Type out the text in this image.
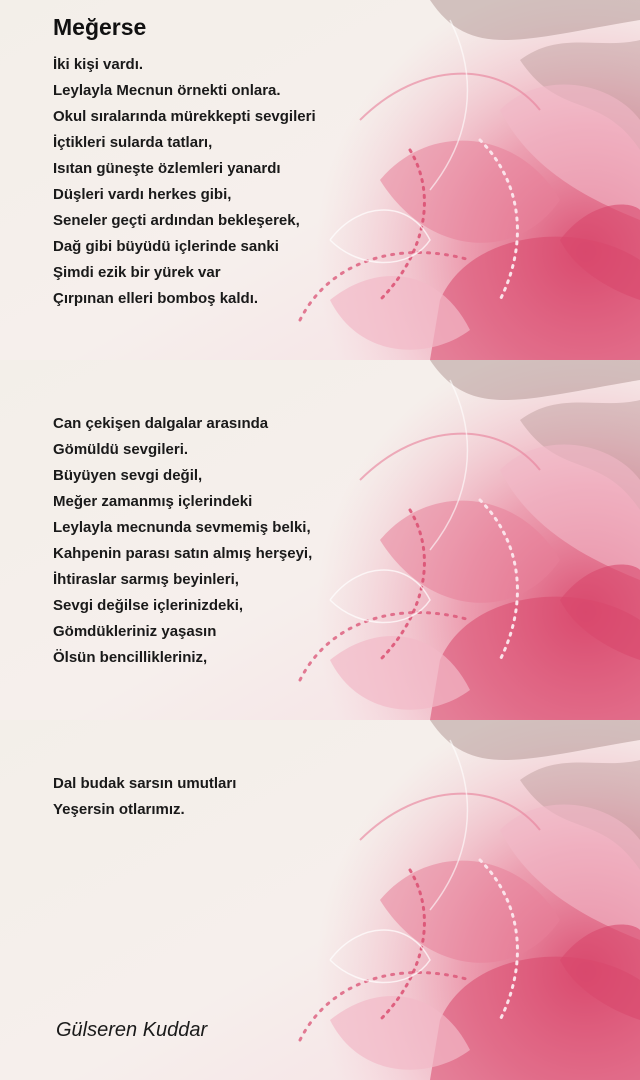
Meğerse
İki kişi vardı.
Leylayla Mecnun örnekti onlara.
Okul sıralarında mürekkepti sevgileri
İçtikleri sularda tatları,
Isıtan güneşte özlemleri yanardı
Düşleri vardı herkes gibi,
Seneler geçti ardından bekleşerek,
Dağ gibi büyüdü içlerinde sanki
Şimdi ezik bir yürek var
Çırpınan elleri bomboş kaldı.
Can çekişen dalgalar arasında
Gömüldü sevgileri.
Büyüyen sevgi değil,
Meğer zamanmış içlerindeki
Leylayla mecnunda sevmemiş belki,
Kahpenin parası satın almış herşeyi,
İhtiraslar sarmış beyinleri,
Sevgi değilse içlerinizdeki,
Gömdükleriniz yaşasın
Ölsün bencillikleriniz,
Dal budak sarsın umutları
Yeşersin otlarımız.
Gülseren Kuddar
